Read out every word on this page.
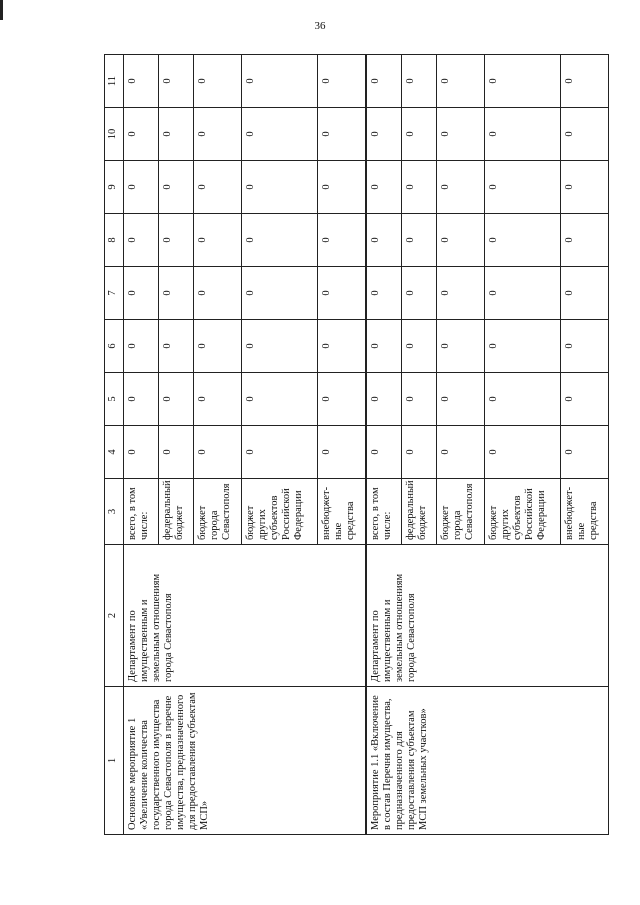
36
1	2	3	4	5	6	7	8	9	10	11
Основное мероприятие 1 «Увеличение количества государственного имущества города Севастополя в перечне имущества, предназначенного для предоставления субъектам МСП»	Департамент по имущественным и земельным отношениям города Севастополя	всего, в том числе:	0	0	0	0	0	0	0	0
		федеральный бюджет	0	0	0	0	0	0	0	0
		бюджет города Севастополя	0	0	0	0	0	0	0	0
		бюджет других субъектов Российской Федерации	0	0	0	0	0	0	0	0
		внебюджет-ные средства	0	0	0	0	0	0	0	0
Мероприятие 1.1 «Включение в состав Перечня имущества, предназначенного для предоставления субъектам МСП земельных участков»	Департамент по имущественным и земельным отношениям города Севастополя	всего, в том числе:	0	0	0	0	0	0	0	0
		федеральный бюджет	0	0	0	0	0	0	0	0
		бюджет города Севастополя	0	0	0	0	0	0	0	0
		бюджет других субъектов Российской Федерации	0	0	0	0	0	0	0	0
		внебюджет-ные средства	0	0	0	0	0	0	0	0
